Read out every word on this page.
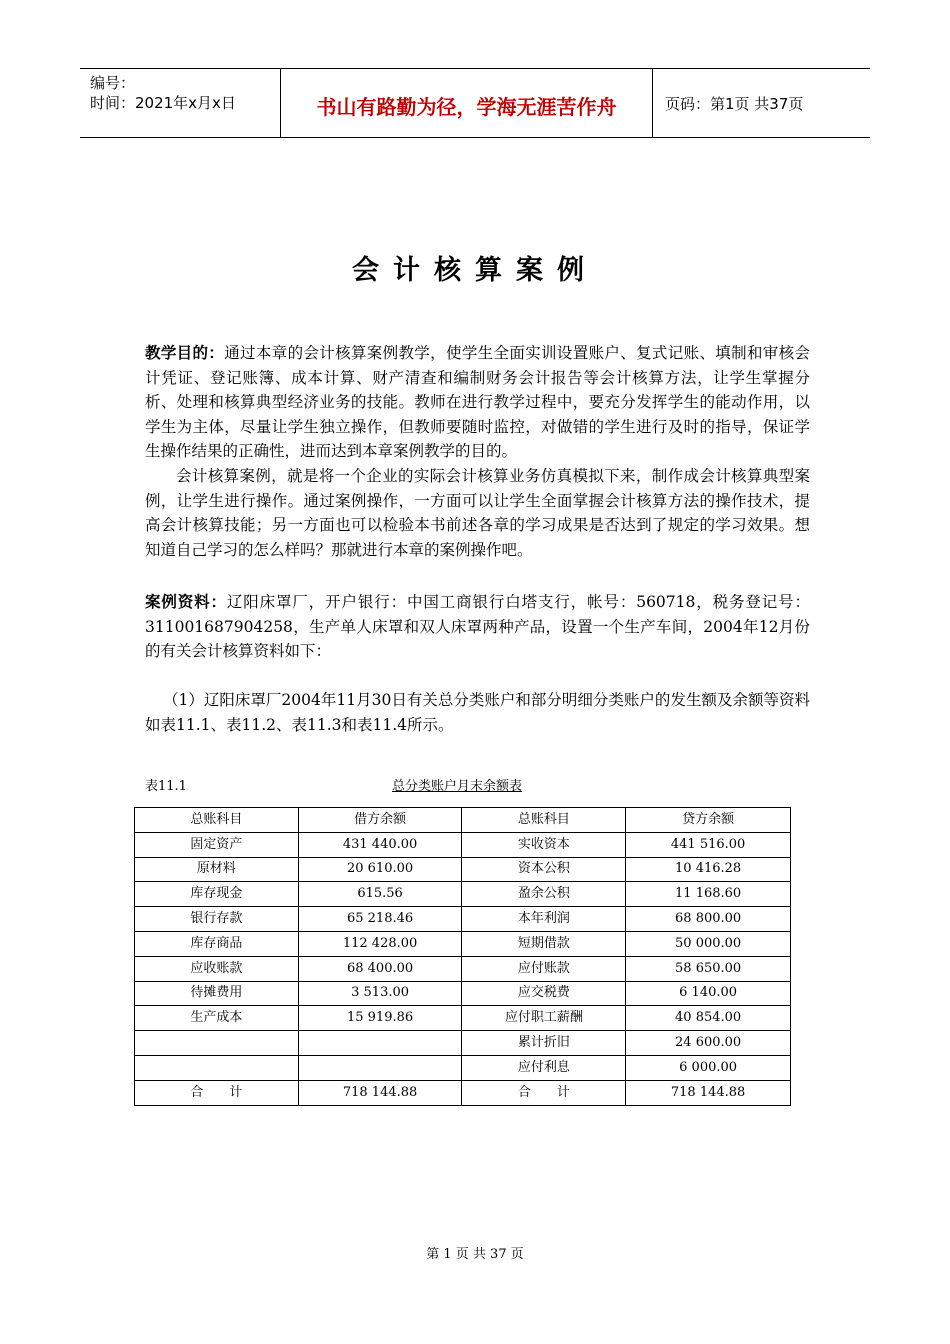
编号：
时间：2021年x月x日	书山有路勤为径，学海无涯苦作舟	页码：第1页 共37页
会计核算案例
教学目的：通过本章的会计核算案例教学，使学生全面实训设置账户、复式记账、填制和审核会计凭证、登记账簿、成本计算、财产清查和编制财务会计报告等会计核算方法，让学生掌握分析、处理和核算典型经济业务的技能。教师在进行教学过程中，要充分发挥学生的能动作用，以学生为主体，尽量让学生独立操作，但教师要随时监控，对做错的学生进行及时的指导，保证学生操作结果的正确性，进而达到本章案例教学的目的。
会计核算案例，就是将一个企业的实际会计核算业务仿真模拟下来，制作成会计核算典型案例，让学生进行操作。通过案例操作，一方面可以让学生全面掌握会计核算方法的操作技术，提高会计核算技能；另一方面也可以检验本书前述各章的学习成果是否达到了规定的学习效果。想知道自己学习的怎么样吗？那就进行本章的案例操作吧。
案例资料：辽阳床罩厂，开户银行：中国工商银行白塔支行，帐号：560718，税务登记号：311001687904258，生产单人床罩和双人床罩两种产品，设置一个生产车间，2004年12月份的有关会计核算资料如下：
（1）辽阳床罩厂2004年11月30日有关总分类账户和部分明细分类账户的发生额及余额等资料如表11.1、表11.2、表11.3和表11.4所示。
表11.1	总分类账户月末余额表
总账科目	借方余额	总账科目	贷方余额
固定资产	431 440.00	实收资本	441 516.00
原材料	20 610.00	资本公积	10 416.28
库存现金	615.56	盈余公积	11 168.60
银行存款	65 218.46	本年利润	68 800.00
库存商品	112 428.00	短期借款	50 000.00
应收账款	68 400.00	应付账款	58 650.00
待摊费用	3 513.00	应交税费	6 140.00
生产成本	15 919.86	应付职工薪酬	40 854.00
		累计折旧	24 600.00
		应付利息	6 000.00
合　　计	718 144.88	合　　计	718 144.88
第 1 页 共 37 页
